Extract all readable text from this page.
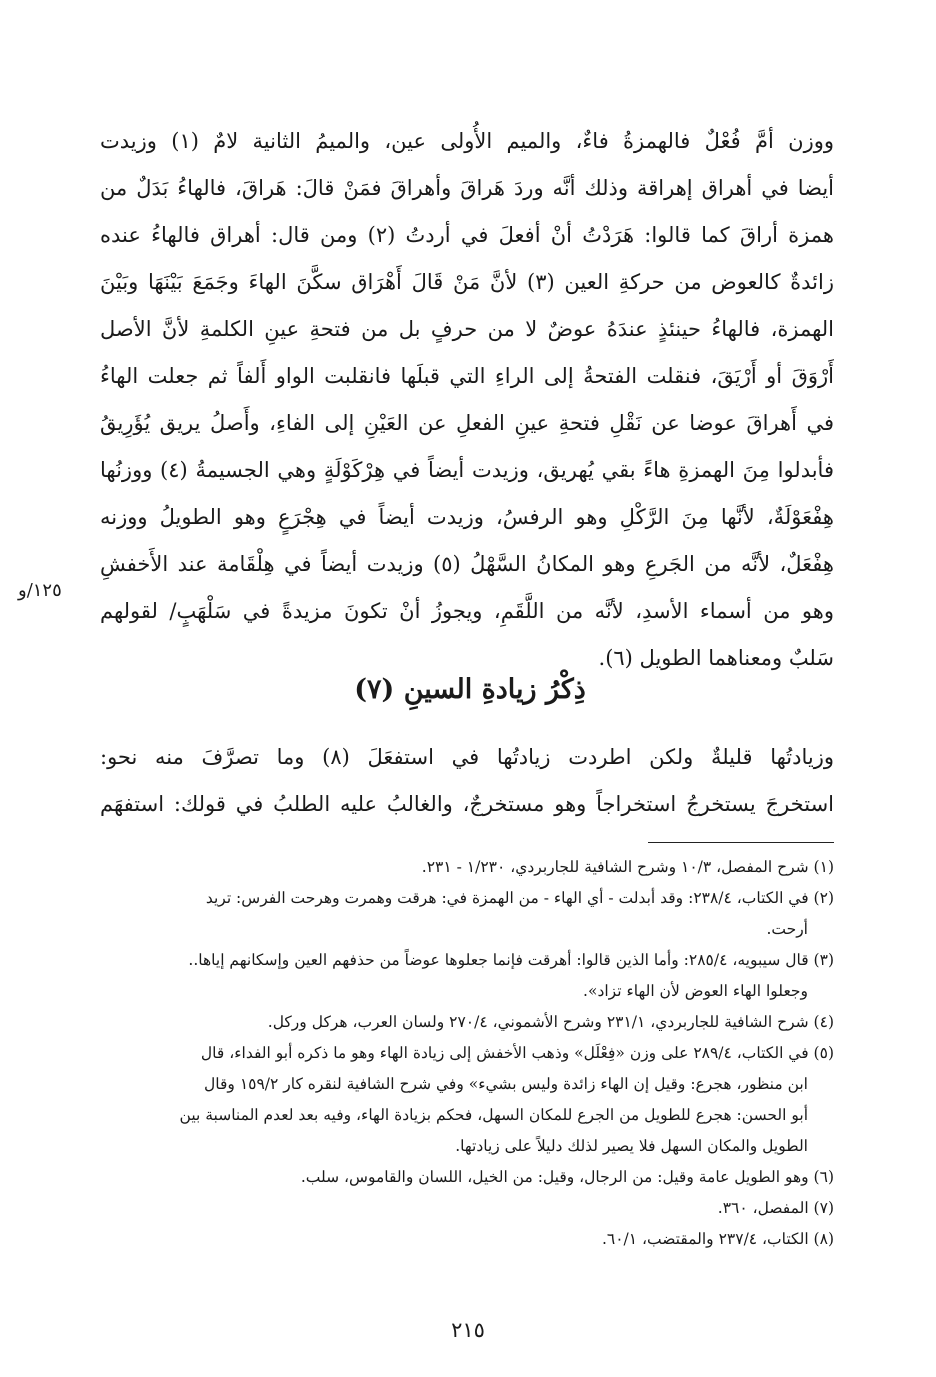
ووزن أمَّ فُعْلٌ فالهمزةُ فاءٌ، والميم الأُولى عين، والميمُ الثانية لامٌ (١) وزيدت
أيضا في أهراق إهراقة وذلك أنَّه وردَ هَراقَ وأهراقَ فمَنْ قالَ: هَراقَ، فالهاءُ بَدَلٌ من
همزة أراقَ كما قالوا: هَرَدْتُ أنْ أفعلَ في أردتُ (٢) ومن قال: أهراق فالهاءُ عنده
زائدةٌ كالعوض من حركةِ العين (٣) لأنَّ مَنْ قَالَ أَهْرَاق سكَّنَ الهاءَ وجَمَعَ بَيْنَهَا وبَيْنَ
الهمزة، فالهاءُ حينئذٍ عندَهُ عوضٌ لا من حرفٍ بل من فتحةِ عينِ الكلمةِ لأنَّ الأصل
أَرْوَقَ أو أَرْيَقَ، فنقلت الفتحةُ إلى الراءِ التي قبلَها فانقلبت الواو أَلفاً ثم جعلت الهاءُ
في أَهراقَ عوضا عن نَقْلِ فتحةِ عينِ الفعلِ عن العَيْنِ إلى الفاءِ، وأَصلُ يريق يُؤَرِيقُ
فأبدلوا مِنَ الهمزةِ هاءً بقي يُهريق، وزيدت أيضاً في هِرْكَوْلَةٍ وهي الجسيمةُ (٤) ووزنُها
هِفْعَوْلَةٌ، لأنَّها مِنَ الرَّكْلِ وهو الرفسُ، وزيدت أيضاً في هِجْرَعٍ وهو الطويلُ ووزنه
هِفْعَلٌ، لأنَّه من الجَرعِ وهو المكانُ السَّهْلُ (٥) وزيدت أيضاً في هِلْقَامة عند الأَخفشِ
وهو من أسماء الأسدِ، لأنَّه من اللَّقَمِ، ويجوزُ أنْ تكونَ مزيدةً في سَلْهَبٍ/ لقولهم
سَلبٌ ومعناهما الطويل (٦).
١٢٥/و
ذِكْرُ زيادةِ السينِ (٧)
وزيادتُها قليلةٌ ولكن اطردت زيادتُها في استفعَلَ (٨) وما تصرَّفَ منه نحو:
استخرجَ يستخرجُ استخراجاً وهو مستخرجٌ، والغالبُ عليه الطلبُ في قولك: استفهَم
(١) شرح المفصل، ١٠/٣ وشرح الشافية للجاربردي، ١/٢٣٠ - ٢٣١.
(٢) في الكتاب، ٢٣٨/٤: وقد أبدلت - أي الهاء - من الهمزة في: هرقت وهمرت وهرحت الفرس: تريد
أرحت.
(٣) قال سيبويه، ٢٨٥/٤: وأما الذين قالوا: أهرقت فإنما جعلوها عوضاً من حذفهم العين وإسكانهم إياها..
وجعلوا الهاء العوض لأن الهاء تزاد».
(٤) شرح الشافية للجاربردي، ٢٣١/١ وشرح الأشموني، ٢٧٠/٤ ولسان العرب، هركل وركل.
(٥) في الكتاب، ٢٨٩/٤ على وزن «فِعْلَل» وذهب الأخفش إلى زيادة الهاء وهو ما ذكره أبو الفداء، قال
ابن منظور، هجرع: وقيل إن الهاء زائدة وليس بشيء» وفي شرح الشافية لنقره كار ١٥٩/٢ وقال
أبو الحسن: هجرع للطويل من الجرع للمكان السهل، فحكم بزيادة الهاء، وفيه بعد لعدم المناسبة بين
الطويل والمكان السهل فلا يصير لذلك دليلاً على زيادتها.
(٦) وهو الطويل عامة وقيل: من الرجال، وقيل: من الخيل، اللسان والقاموس، سلب.
(٧) المفصل، ٣٦٠.
(٨) الكتاب، ٢٣٧/٤ والمقتضب، ٦٠/١.
٢١٥
